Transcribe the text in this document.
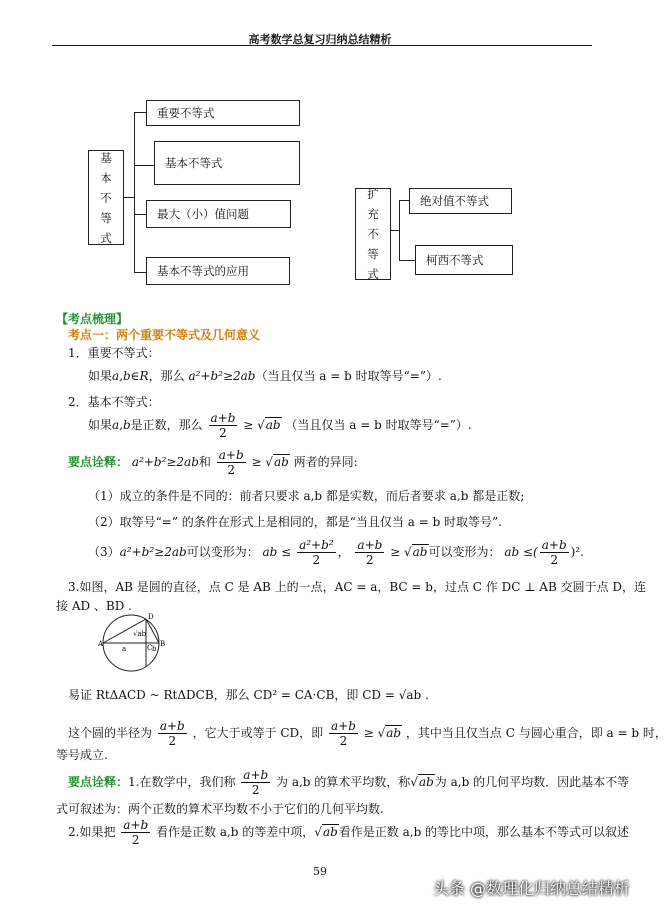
高考数学总复习归纳总结精析
基
本
不
等
式
重要不等式
基本不等式
最大（小）值问题
基本不等式的应用
扩
充
不
等
式
绝对值不等式
柯西不等式
【考点梳理】
考点一：两个重要不等式及几何意义
1．重要不等式：
如果a,b∈R，那么 a²+b²≥2ab（当且仅当 a = b 时取等号“=”）.
2．基本不等式：
如果a,b是正数，那么 $\frac{a+b}{2} \ge √ab$ （当且仅当 a = b 时取等号“=”）.
要点诠释： a²+b²≥2ab和 $\frac{a+b}{2} \ge √ab$ 两者的异同:
（1）成立的条件是不同的：前者只要求 a,b 都是实数，而后者要求 a,b 都是正数;
（2）取等号“=” 的条件在形式上是相同的，都是“当且仅当 a = b 时取等号”.
（3）a²+b²≥2ab可以变形为： ab ≤ $\frac{\text{a²+b²}}{2}$ ， $\frac{a+b}{2} \ge √ab$可以变形为： ab ≤( $\frac{a+b}{2} )^2$.
3.如图，AB 是圆的直径，点 C 是 AB 上的一点，AC = a，BC = b，过点 C 作 DC ⊥ AB 交圆于点 D，连
接 AD 、BD .
A	B
C
D
a	b
√ab
易证 RtΔACD ~ RtΔDCB，那么 CD² = CA·CB，即 CD = √ab .
这个圆的半径为 $\frac{a+b}{2}$ ，它大于或等于 CD，即 $\frac{a+b}{2} \ge √ab$ ，其中当且仅当点 C 与圆心重合，即 a = b 时，
等号成立.
要点诠释：1.在数学中，我们称 $\frac{a+b}{2}$ 为 a,b 的算术平均数，称√ab为 a,b 的几何平均数．因此基本不等
式可叙述为：两个正数的算术平均数不小于它们的几何平均数.
2.如果把 $\frac{a+b}{2}$ 看作是正数 a,b 的等差中项，√ab看作是正数 a,b 的等比中项，那么基本不等式可以叙述
59
头条 @数理化归纳总结精析
